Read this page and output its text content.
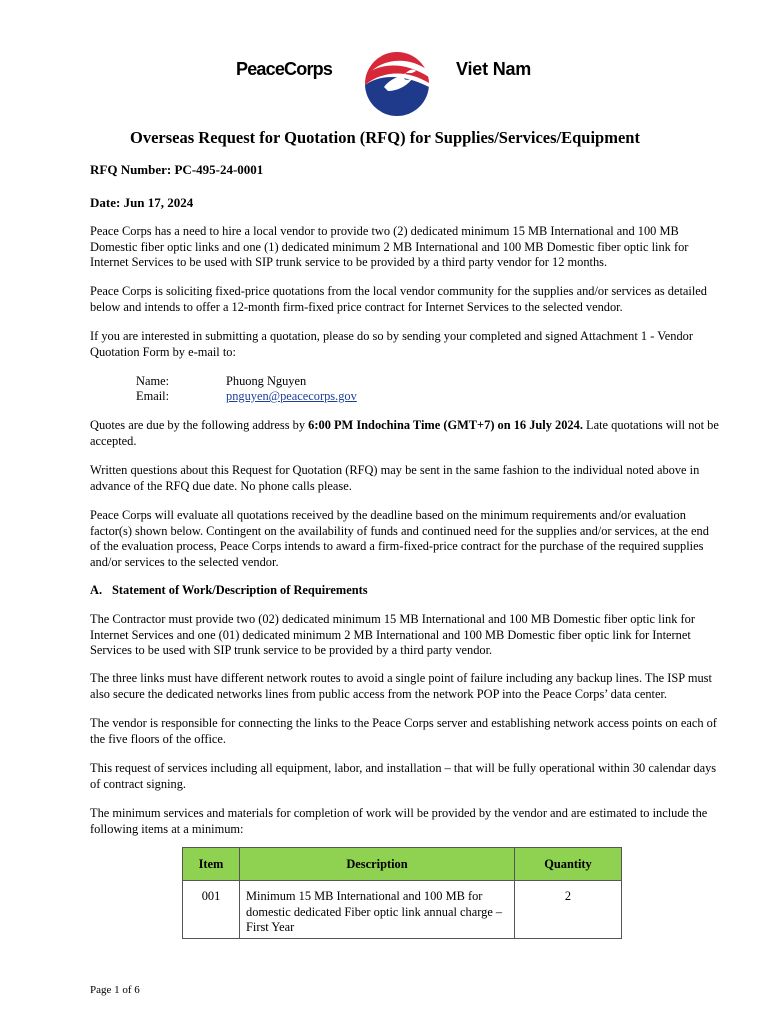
PeaceCorps	Viet Nam
Overseas Request for Quotation (RFQ) for Supplies/Services/Equipment
RFQ Number: PC-495-24-0001
Date: Jun 17, 2024
Peace Corps has a need to hire a local vendor to provide two (2) dedicated minimum 15 MB International and 100 MB Domestic fiber optic links and one (1) dedicated minimum 2 MB International and 100 MB Domestic fiber optic link for Internet Services to be used with SIP trunk service to be provided by a third party vendor for 12 months.
Peace Corps is soliciting fixed-price quotations from the local vendor community for the supplies and/or services as detailed below and intends to offer a 12-month firm-fixed price contract for Internet Services to the selected vendor.
If you are interested in submitting a quotation, please do so by sending your completed and signed Attachment 1 - Vendor Quotation Form by e-mail to:
Name:	Phuong Nguyen
Email:	pnguyen@peacecorps.gov
Quotes are due by the following address by 6:00 PM Indochina Time (GMT+7) on 16 July 2024. Late quotations will not be accepted.
Written questions about this Request for Quotation (RFQ) may be sent in the same fashion to the individual noted above in advance of the RFQ due date. No phone calls please.
Peace Corps will evaluate all quotations received by the deadline based on the minimum requirements and/or evaluation factor(s) shown below. Contingent on the availability of funds and continued need for the supplies and/or services, at the end of the evaluation process, Peace Corps intends to award a firm-fixed-price contract for the purchase of the required supplies and/or services to the selected vendor.
A. Statement of Work/Description of Requirements
The Contractor must provide two (02) dedicated minimum 15 MB International and 100 MB Domestic fiber optic link for Internet Services and one (01) dedicated minimum 2 MB International and 100 MB Domestic fiber optic link for Internet Services to be used with SIP trunk service to be provided by a third party vendor.
The three links must have different network routes to avoid a single point of failure including any backup lines. The ISP must also secure the dedicated networks lines from public access from the network POP into the Peace Corps’ data center.
The vendor is responsible for connecting the links to the Peace Corps server and establishing network access points on each of the five floors of the office.
This request of services including all equipment, labor, and installation – that will be fully operational within 30 calendar days of contract signing.
The minimum services and materials for completion of work will be provided by the vendor and are estimated to include the following items at a minimum:
Item	Description	Quantity
001	Minimum 15 MB International and 100 MB for domestic dedicated Fiber optic link annual charge – First Year	2
Page 1 of 6
